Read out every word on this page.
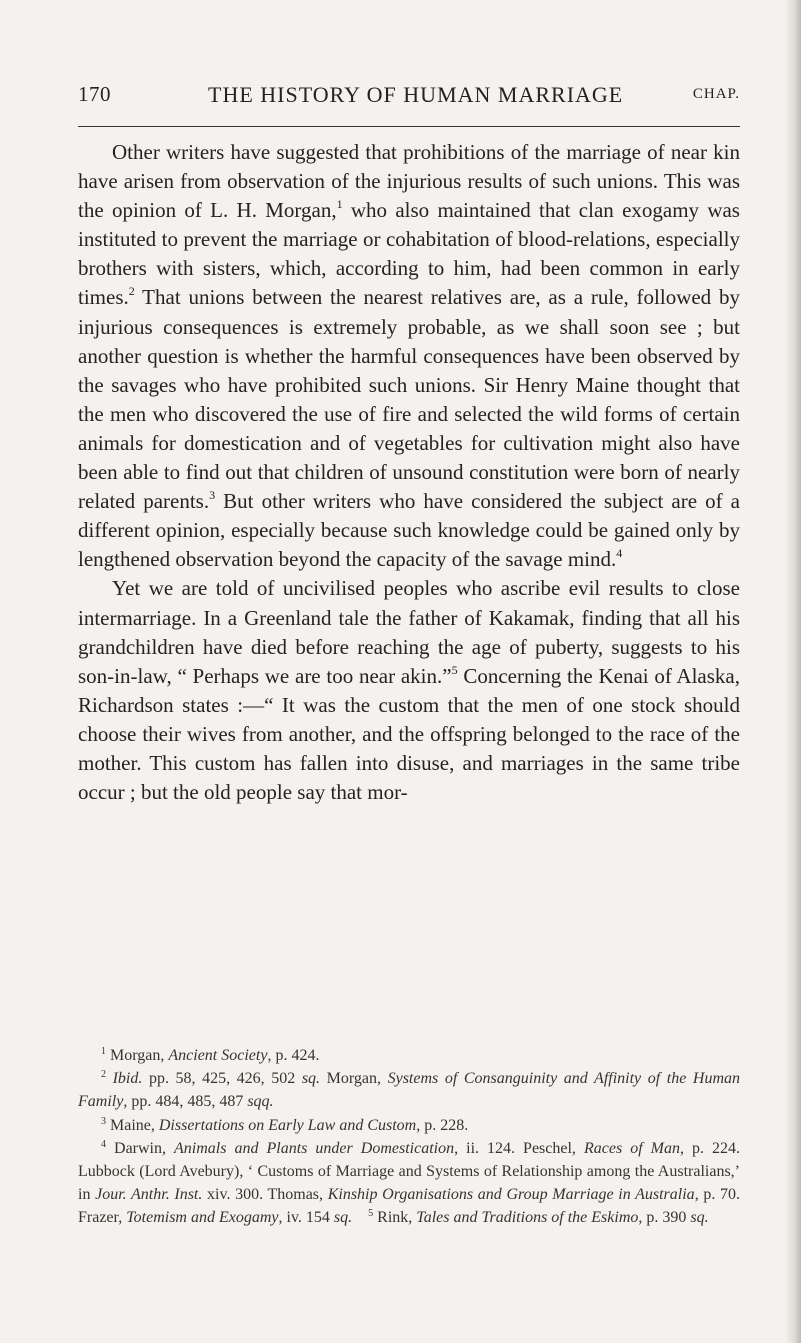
170	THE HISTORY OF HUMAN MARRIAGE	CHAP.

Other writers have suggested that prohibitions of the marriage of near kin have arisen from observation of the injurious results of such unions. This was the opinion of L. H. Morgan,$^1$ who also maintained that clan exogamy was instituted to prevent the marriage or cohabitation of blood-relations, especially brothers with sisters, which, according to him, had been common in early times.$^2$ That unions between the nearest relatives are, as a rule, followed by injurious consequences is extremely probable, as we shall soon see ; but another question is whether the harmful consequences have been observed by the savages who have prohibited such unions. Sir Henry Maine thought that the men who discovered the use of fire and selected the wild forms of certain animals for domestication and of vegetables for cultivation might also have been able to find out that children of unsound constitution were born of nearly related parents.$^3$ But other writers who have considered the subject are of a different opinion, especially because such knowledge could be gained only by lengthened observation beyond the capacity of the savage mind.$^4$

Yet we are told of uncivilised peoples who ascribe evil results to close intermarriage. In a Greenland tale the father of Kakamak, finding that all his grandchildren have died before reaching the age of puberty, suggests to his son-in-law, “ Perhaps we are too near akin.”$^5$ Concerning the Kenai of Alaska, Richardson states :—“ It was the custom that the men of one stock should choose their wives from another, and the offspring belonged to the race of the mother. This custom has fallen into disuse, and marriages in the same tribe occur ; but the old people say that mor-

$^1$ Morgan, Ancient Society, p. 424.

$^2$ Ibid. pp. 58, 425, 426, 502 sq. Morgan, Systems of Consanguinity and Affinity of the Human Family, pp. 484, 485, 487 sqq.

$^3$ Maine, Dissertations on Early Law and Custom, p. 228.

$^4$ Darwin, Animals and Plants under Domestication, ii. 124. Peschel, Races of Man, p. 224. Lubbock (Lord Avebury), ‘ Customs of Marriage and Systems of Relationship among the Australians,’ in Jour. Anthr. Inst. xiv. 300. Thomas, Kinship Organisations and Group Marriage in Australia, p. 70. Frazer, Totemism and Exogamy, iv. 154 sq. $^5$ Rink, Tales and Traditions of the Eskimo, p. 390 sq.
